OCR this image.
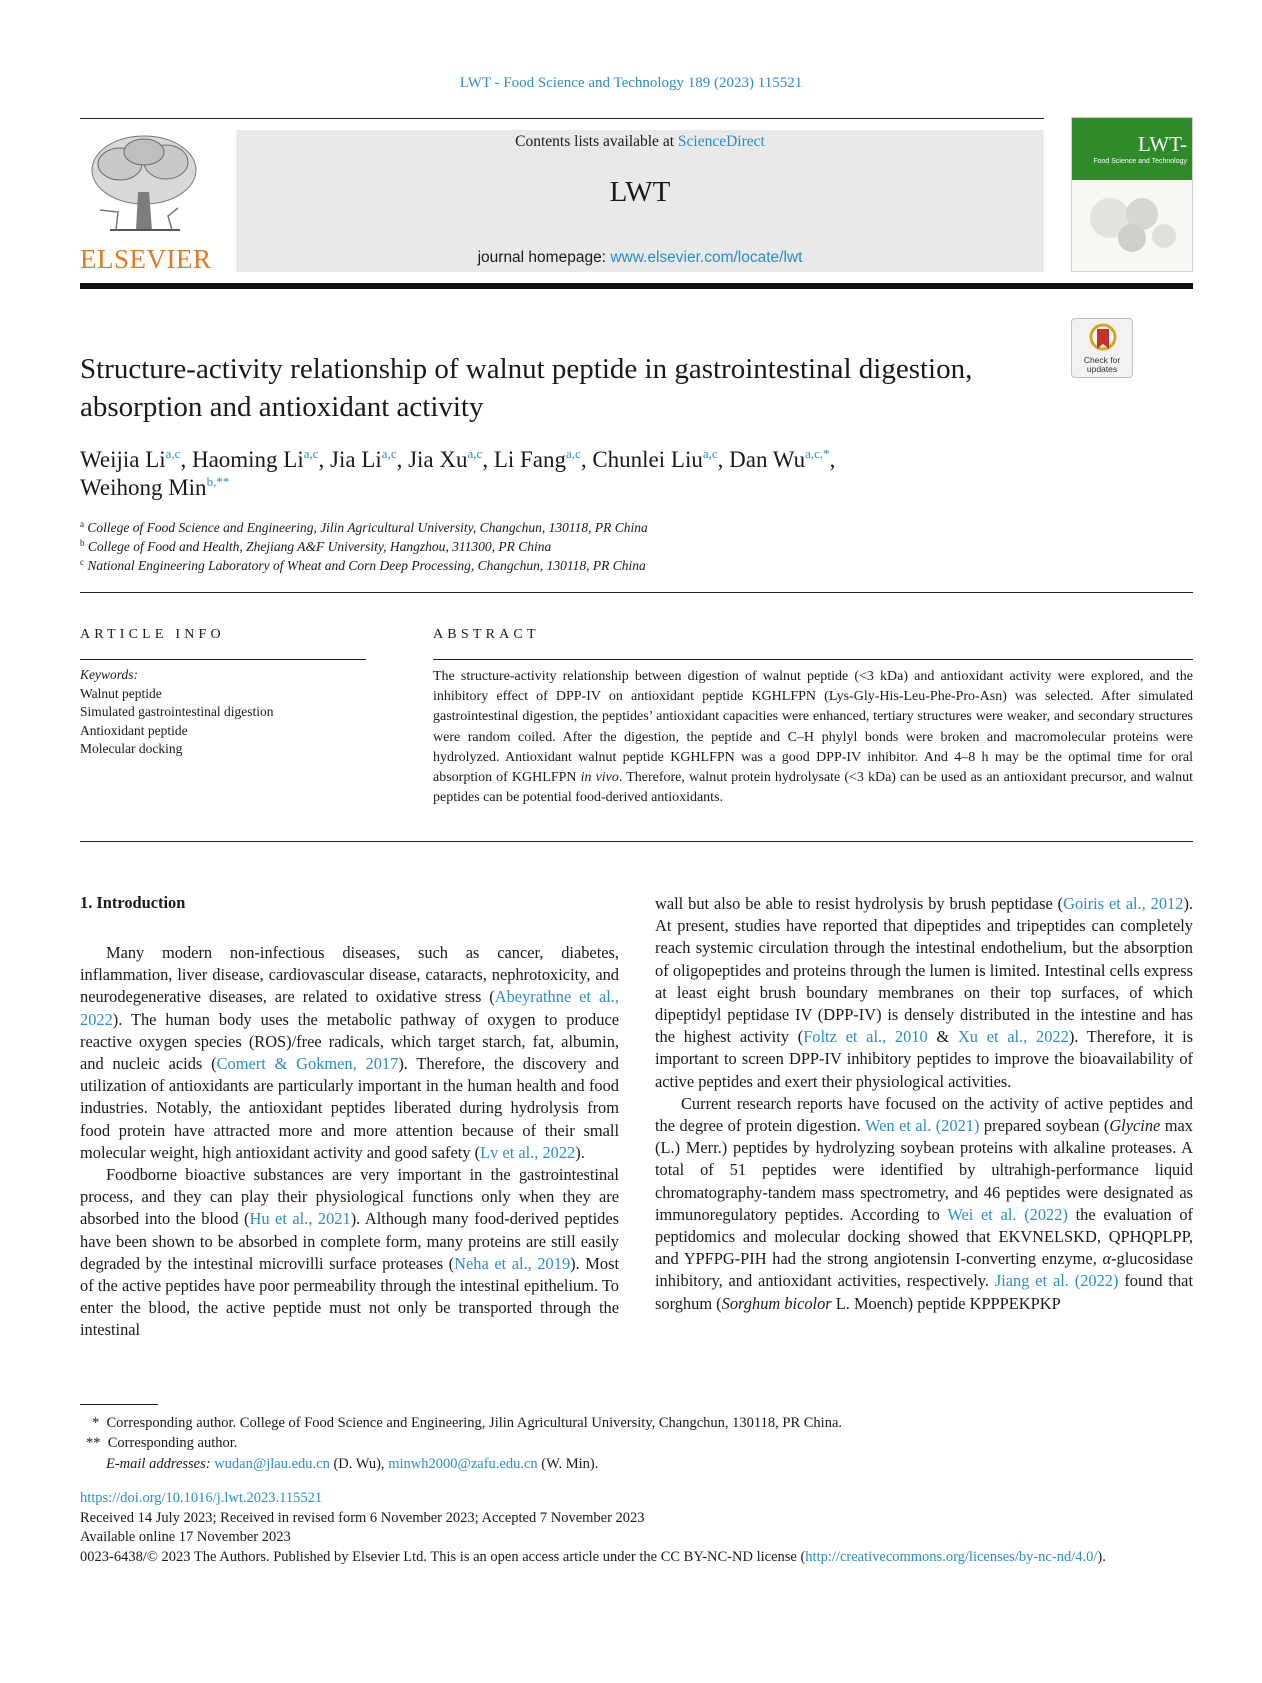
LWT - Food Science and Technology 189 (2023) 115521
ELSEVIER
Contents lists available at ScienceDirect
LWT
journal homepage: www.elsevier.com/locate/lwt
LWT-
Food Science and Technology
Check for updates
Structure-activity relationship of walnut peptide in gastrointestinal digestion, absorption and antioxidant activity
Weijia Li$^{a,c}$, Haoming Li$^{a,c}$, Jia Li$^{a,c}$, Jia Xu$^{a,c}$, Li Fang$^{a,c}$, Chunlei Liu$^{a,c}$, Dan $Wu^{a,c,*}$,
Weihong Min$^{b,**}$
$^a$ College of Food Science and Engineering, Jilin Agricultural University, Changchun, 130118, PR China
$^b$ College of Food and Health, Zhejiang A&F University, Hangzhou, 311300, PR China
$^c$ National Engineering Laboratory of Wheat and Corn Deep Processing, Changchun, 130118, PR China
ARTICLE INFO	ABSTRACT
Keywords:
Walnut peptide
Simulated gastrointestinal digestion
Antioxidant peptide
Molecular docking
The structure-activity relationship between digestion of walnut peptide (<3 kDa) and antioxidant activity were explored, and the inhibitory effect of DPP-IV on antioxidant peptide KGHLFPN (Lys-Gly-His-Leu-Phe-Pro-Asn) was selected. After simulated gastrointestinal digestion, the peptides’ antioxidant capacities were enhanced, tertiary structures were weaker, and secondary structures were random coiled. After the digestion, the peptide and C–H phylyl bonds were broken and macromolecular proteins were hydrolyzed. Antioxidant walnut peptide KGHLFPN was a good DPP-IV inhibitor. And 4–8 h may be the optimal time for oral absorption of KGHLFPN in vivo. Therefore, walnut protein hydrolysate (<3 kDa) can be used as an antioxidant precursor, and walnut peptides can be potential food-derived antioxidants.
1. Introduction

Many modern non-infectious diseases, such as cancer, diabetes, inflammation, liver disease, cardiovascular disease, cataracts, nephrotoxicity, and neurodegenerative diseases, are related to oxidative stress (Abeyrathne et al., 2022). The human body uses the metabolic pathway of oxygen to produce reactive oxygen species (ROS)/free radicals, which target starch, fat, albumin, and nucleic acids (Comert & Gokmen, 2017). Therefore, the discovery and utilization of antioxidants are particularly important in the human health and food industries. Notably, the antioxidant peptides liberated during hydrolysis from food protein have attracted more and more attention because of their small molecular weight, high antioxidant activity and good safety (Lv et al., 2022).

Foodborne bioactive substances are very important in the gastrointestinal process, and they can play their physiological functions only when they are absorbed into the blood (Hu et al., 2021). Although many food-derived peptides have been shown to be absorbed in complete form, many proteins are still easily degraded by the intestinal microvilli surface proteases (Neha et al., 2019). Most of the active peptides have poor permeability through the intestinal epithelium. To enter the blood, the active peptide must not only be transported through the intestinal

wall but also be able to resist hydrolysis by brush peptidase (Goiris et al., 2012). At present, studies have reported that dipeptides and tripeptides can completely reach systemic circulation through the intestinal endothelium, but the absorption of oligopeptides and proteins through the lumen is limited. Intestinal cells express at least eight brush boundary membranes on their top surfaces, of which dipeptidyl peptidase IV (DPP-IV) is densely distributed in the intestine and has the highest activity (Foltz et al., 2010 & Xu et al., 2022). Therefore, it is important to screen DPP-IV inhibitory peptides to improve the bioavailability of active peptides and exert their physiological activities.

Current research reports have focused on the activity of active peptides and the degree of protein digestion. Wen et al. (2021) prepared soybean (Glycine max (L.) Merr.) peptides by hydrolyzing soybean proteins with alkaline proteases. A total of 51 peptides were identified by ultrahigh-performance liquid chromatography-tandem mass spectrometry, and 46 peptides were designated as immunoregulatory peptides. According to Wei et al. (2022) the evaluation of peptidomics and molecular docking showed that EKVNELSKD, QPHQPLPP, and YPFPG-PIH had the strong angiotensin I-converting enzyme, α-glucosidase inhibitory, and antioxidant activities, respectively. Jiang et al. (2022) found that sorghum (Sorghum bicolor L. Moench) peptide KPPPEKPKP

* Corresponding author. College of Food Science and Engineering, Jilin Agricultural University, Changchun, 130118, PR China.
** Corresponding author.
E-mail addresses: wudan@jlau.edu.cn (D. Wu), minwh2000@zafu.edu.cn (W. Min).
https://doi.org/10.1016/j.lwt.2023.115521
Received 14 July 2023; Received in revised form 6 November 2023; Accepted 7 November 2023
Available online 17 November 2023
0023-6438/© 2023 The Authors. Published by Elsevier Ltd. This is an open access article under the CC BY-NC-ND license (http://creativecommons.org/licenses/by-nc-nd/4.0/).
